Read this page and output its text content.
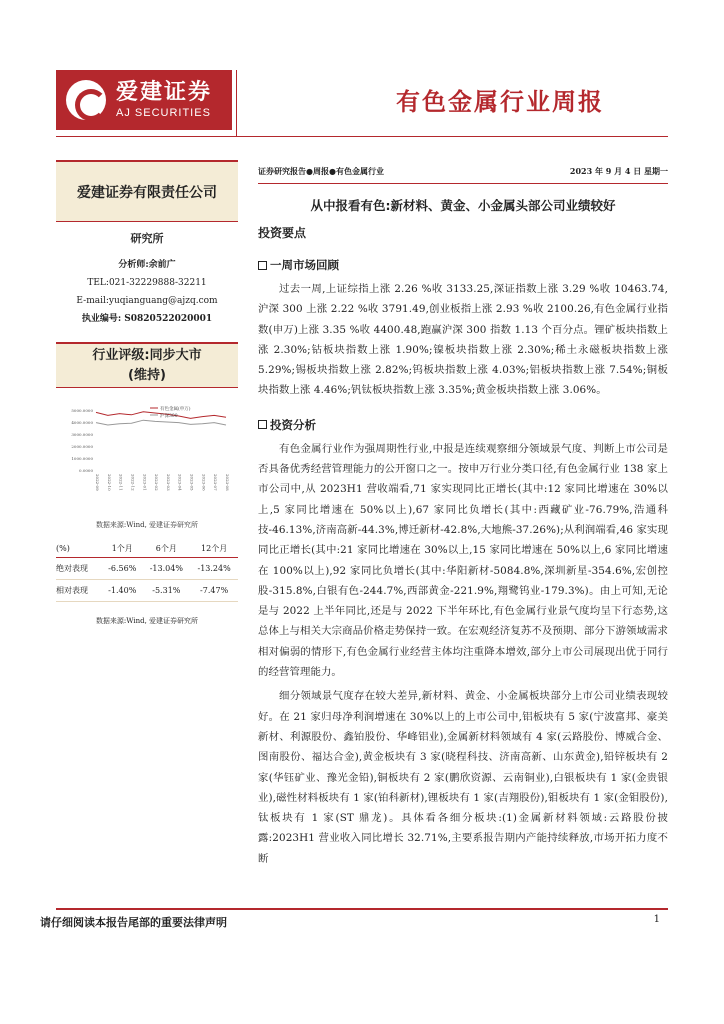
爱建证券
AJ SECURITIES	有色金属行业周报
爱建证券有限责任公司
研究所
分析师:余前广
TEL:021-32229888-32211
E-mail:yuqianguang@ajzq.com
执业编号: S0820522020001
行业评级:同步大市
(维持)
5000.0000
4000.0000
3000.0000
2000.0000
1000.0000
0.0000
2022-09 2022-10 2022-11 2022-12 2023-01 2023-02 2023-03 2023-04 2023-05 2023-06 2023-07 2023-08
有色金属(申万)
沪深300
数据来源:Wind, 爱建证券研究所
(%)	1个月	6个月	12个月
绝对表现	-6.56%	-13.04%	-13.24%
相对表现	-1.40%	-5.31%	-7.47%
数据来源:Wind, 爱建证券研究所
证券研究报告●周报●有色金属行业	2023 年 9 月 4 日 星期一
从中报看有色:新材料、黄金、小金属头部公司业绩较好
投资要点
一周市场回顾
过去一周,上证综指上涨 2.26 %收 3133.25,深证指数上涨 3.29 %收 10463.74,沪深 300 上涨 2.22 %收 3791.49,创业板指上涨 2.93 %收 2100.26,有色金属行业指数(申万)上涨 3.35 %收 4400.48,跑赢沪深 300 指数 1.13 个百分点。锂矿板块指数上涨 2.30%;钴板块指数上涨 1.90%;镍板块指数上涨 2.30%;稀土永磁板块指数上涨 5.29%;锡板块指数上涨 2.82%;钨板块指数上涨 4.03%;铝板块指数上涨 7.54%;铜板块指数上涨 4.46%;钒钛板块指数上涨 3.35%;黄金板块指数上涨 3.06%。
投资分析
有色金属行业作为强周期性行业,中报是连续观察细分领域景气度、判断上市公司是否具备优秀经营管理能力的公开窗口之一。按申万行业分类口径,有色金属行业 138 家上市公司中,从 2023H1 营收端看,71 家实现同比正增长(其中:12 家同比增速在 30%以上,5 家同比增速在 50%以上),67 家同比负增长(其中:西藏矿业-76.79%,浩通科技-46.13%,济南高新-44.3%,博迁新材-42.8%,大地熊-37.26%);从利润端看,46 家实现同比正增长(其中:21 家同比增速在 30%以上,15 家同比增速在 50%以上,6 家同比增速在 100%以上),92 家同比负增长(其中:华阳新材-5084.8%,深圳新星-354.6%,宏创控股-315.8%,白银有色-244.7%,西部黄金-221.9%,翔鹭钨业-179.3%)。由上可知,无论是与 2022 上半年同比,还是与 2022 下半年环比,有色金属行业景气度均呈下行态势,这总体上与相关大宗商品价格走势保持一致。在宏观经济复苏不及预期、部分下游领域需求相对偏弱的情形下,有色金属行业经营主体均注重降本增效,部分上市公司展现出优于同行的经营管理能力。
细分领域景气度存在较大差异,新材料、黄金、小金属板块部分上市公司业绩表现较好。在 21 家归母净利润增速在 30%以上的上市公司中,铝板块有 5 家(宁波富邦、豪美新材、利源股份、鑫铂股份、华峰铝业),金属新材料领域有 4 家(云路股份、博威合金、图南股份、福达合金),黄金板块有 3 家(晓程科技、济南高新、山东黄金),铅锌板块有 2 家(华钰矿业、豫光金铅),铜板块有 2 家(鹏欣资源、云南铜业),白银板块有 1 家(金贵银业),磁性材料板块有 1 家(铂科新材),锂板块有 1 家(吉翔股份),钼板块有 1 家(金钼股份),钛板块有 1 家(ST 鼎龙)。具体看各细分板块:(1)金属新材料领域:云路股份披露:2023H1 营业收入同比增长 32.71%,主要系报告期内产能持续释放,市场开拓力度不断
请仔细阅读本报告尾部的重要法律声明	1
